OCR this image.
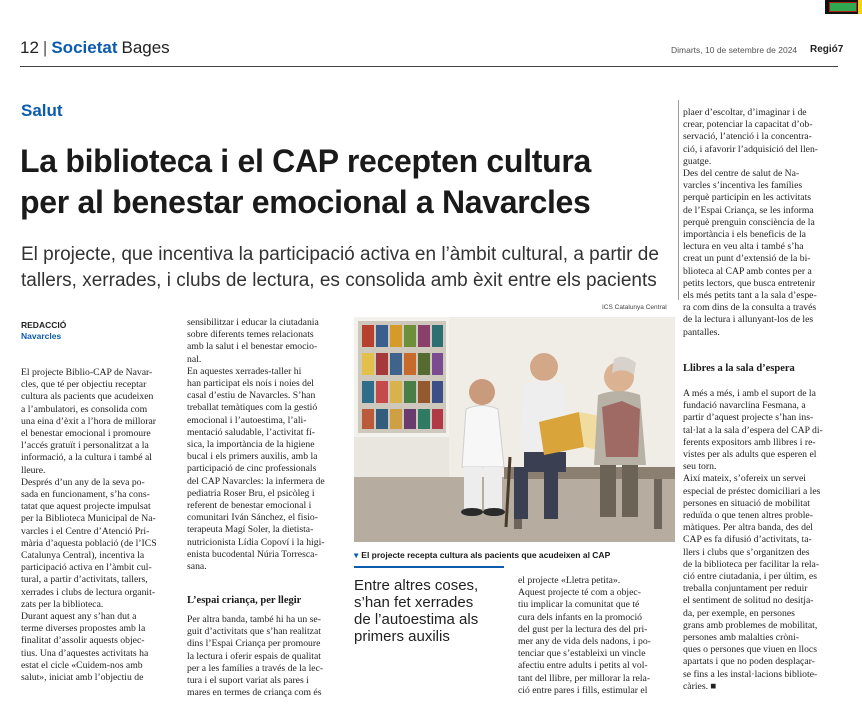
12 | Societat Bages	Dimarts, 10 de setembre de 2024 Regió7
Salut
La biblioteca i el CAP recepten cultura
per al benestar emocional a Navarcles
El projecte, que incentiva la participació activa en l’àmbit cultural, a partir de
tallers, xerrades, i clubs de lectura, es consolida amb èxit entre els pacients
REDACCIÓ
Navarcles
El projecte Biblio-CAP de Navar-
cles, que té per objectiu receptar
cultura als pacients que acudeixen
a l’ambulatori, es consolida com
una eina d’èxit a l’hora de millorar
el benestar emocional i promoure
l’accés gratuït i personalitzat a la
informació, a la cultura i també al
lleure.
Després d’un any de la seva po-
sada en funcionament, s’ha cons-
tatat que aquest projecte impulsat
per la Biblioteca Municipal de Na-
varcles i el Centre d’Atenció Pri-
mària d’aquesta població (de l’ICS
Catalunya Central), incentiva la
participació activa en l’àmbit cul-
tural, a partir d’activitats, tallers,
xerrades i clubs de lectura organit-
zats per la biblioteca.
Durant aquest any s’han dut a
terme diverses propostes amb la
finalitat d’assolir aquests objec-
tius. Una d’aquestes activitats ha
estat el cicle «Cuidem-nos amb
salut», iniciat amb l’objectiu de
sensibilitzar i educar la ciutadania
sobre diferents temes relacionats
amb la salut i el benestar emocio-
nal.
En aquestes xerrades-taller hi
han participat els nois i noies del
casal d’estiu de Navarcles. S’han
treballat temàtiques com la gestió
emocional i l’autoestima, l’ali-
mentació saludable, l’activitat fí-
sica, la importància de la higiene
bucal i els primers auxilis, amb la
participació de cinc professionals
del CAP Navarcles: la infermera de
pediatria Roser Bru, el psicòleg i
referent de benestar emocional i
comunitari Iván Sánchez, el fisio-
terapeuta Magí Soler, la dietista-
nutricionista Lídia Copoví i la higi-
enista bucodental Núria Torresca-
sana.
L’espai criança, per llegir
Per altra banda, també hi ha un se-
guit d’activitats que s’han realitzat
dins l’Espai Criança per promoure
la lectura i oferir espais de qualitat
per a les famílies a través de la lec-
tura i el suport variat als pares i
mares en termes de criança com és
ICS Catalunya Central
▾ El projecte recepta cultura als pacients que acudeixen al CAP
Entre altres coses,
s’han fet xerrades
de l’autoestima als
primers auxilis
el projecte «Lletra petita».
Aquest projecte té com a objec-
tiu implicar la comunitat que té
cura dels infants en la promoció
del gust per la lectura des del pri-
mer any de vida dels nadons, i po-
tenciar que s’estableixi un vincle
afectiu entre adults i petits al vol-
tant del llibre, per millorar la rela-
ció entre pares i fills, estimular el
plaer d’escoltar, d’imaginar i de
crear, potenciar la capacitat d’ob-
servació, l’atenció i la concentra-
ció, i afavorir l’adquisició del llen-
guatge.
Des del centre de salut de Na-
varcles s’incentiva les famílies
perquè participin en les activitats
de l’Espai Criança, se les informa
perquè prenguin consciència de la
importància i els beneficis de la
lectura en veu alta i també s’ha
creat un punt d’extensió de la bi-
blioteca al CAP amb contes per a
petits lectors, que busca entretenir
els més petits tant a la sala d’espe-
ra com dins de la consulta a través
de la lectura i allunyant-los de les
pantalles.
Llibres a la sala d’espera
A més a més, i amb el suport de la
fundació navarclina Fesmana, a
partir d’aquest projecte s’han ins-
tal·lat a la sala d’espera del CAP di-
ferents expositors amb llibres i re-
vistes per als adults que esperen el
seu torn.
Així mateix, s’ofereix un servei
especial de préstec domiciliari a les
persones en situació de mobilitat
reduïda o que tenen altres proble-
màtiques. Per altra banda, des del
CAP es fa difusió d’activitats, ta-
llers i clubs que s’organitzen des
de la biblioteca per facilitar la rela-
ció entre ciutadania, i per últim, es
treballa conjuntament per reduir
el sentiment de solitud no desitja-
da, per exemple, en persones
grans amb problemes de mobilitat,
persones amb malalties cròni-
ques o persones que viuen en llocs
apartats i que no poden desplaçar-
se fins a les instal·lacions bibliote-
càries. ■
